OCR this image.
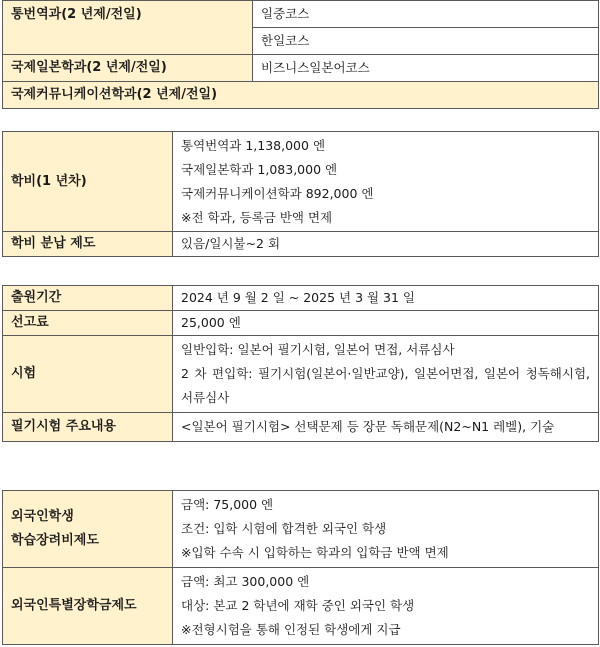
통번역과(2 년제/전일)	일중코스
	한일코스
국제일본학과(2 년제/전일)	비즈니스일본어코스
국제커뮤니케이션학과(2 년제/전일)	
학비(1 년차)	통역번역과 1,138,000 엔
국제일본학과 1,083,000 엔
국제커뮤니케이션학과 892,000 엔
※전 학과, 등록금 반액 면제

학비 분납 제도	있음/일시불~2 회
출원기간	2024 년 9 월 2 일 ~ 2025 년 3 월 31 일
선고료	25,000 엔
시험	일반입학: 일본어 필기시험, 일본어 면접, 서류심사
2 차 편입학: 필기시험(일본어·일반교양), 일본어면접, 일본어 청독해시험, 서류심사

필기시험 주요내용	<일본어 필기시험> 선택문제 등 장문 독해문제(N2~N1 레벨), 기술
외국인학생
학습장려비제도	금액: 75,000 엔
조건: 입학 시험에 합격한 외국인 학생
※입학 수속 시 입학하는 학과의 입학금 반액 면제

외국인특별장학금제도	금액: 최고 300,000 엔
대상: 본교 2 학년에 재학 중인 외국인 학생
※전형시험을 통해 인정된 학생에게 지급
